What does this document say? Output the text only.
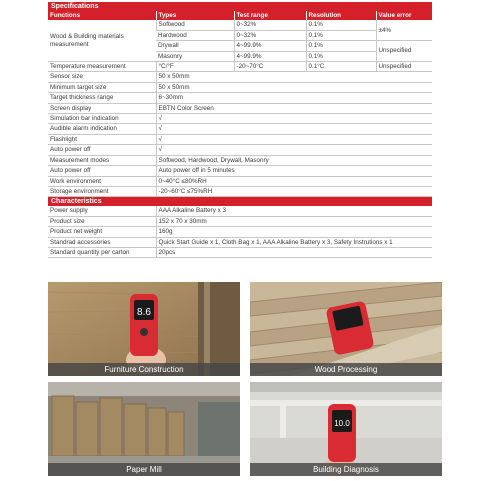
Specifications
Functions	Types	Test range	Resolution	Value error
Wood & Building materials measurement	Softwood	0~32%	0.1%	±4%
	Hardwood	0~32%	0.1%	
	Drywall	4~99.9%	0.1%	Unspecified
	Masonry	4~99.9%	0.1%	
Temperature measurement	°C/°F	-20~70°C	0.1°C	Unspecified
Sensor size	50 x 50mm			
Minimum target size	50 x 50mm			
Target thickness range	6~30mm			
Screen display	EBTN Color Screen			
Simulation bar indication	√			
Audible alarm indication	√			
Flashlight	√			
Auto power off	√			
Measurement modes	Softwood, Hardwood, Drywall, Masonry			
Auto power off	Auto power off in 5 minutes			
Work environment	0~40°C ≤80%RH			
Storage environment	-20~60°C ≤75%RH			
Characteristics
Power supply	AAA Alkaline Battery x 3
Product size	152 x 70 x 30mm
Product net weight	160g
Standrad accessories	Quick Start Guide x 1, Cloth Bag x 1, AAA Alkaline Battery x 3, Safety Instrutions x 1
Standard quantity per carton	20pcs
8.6
Furniture Construction	Wood Processing
Paper Mill
10.0
Building Diagnosis
